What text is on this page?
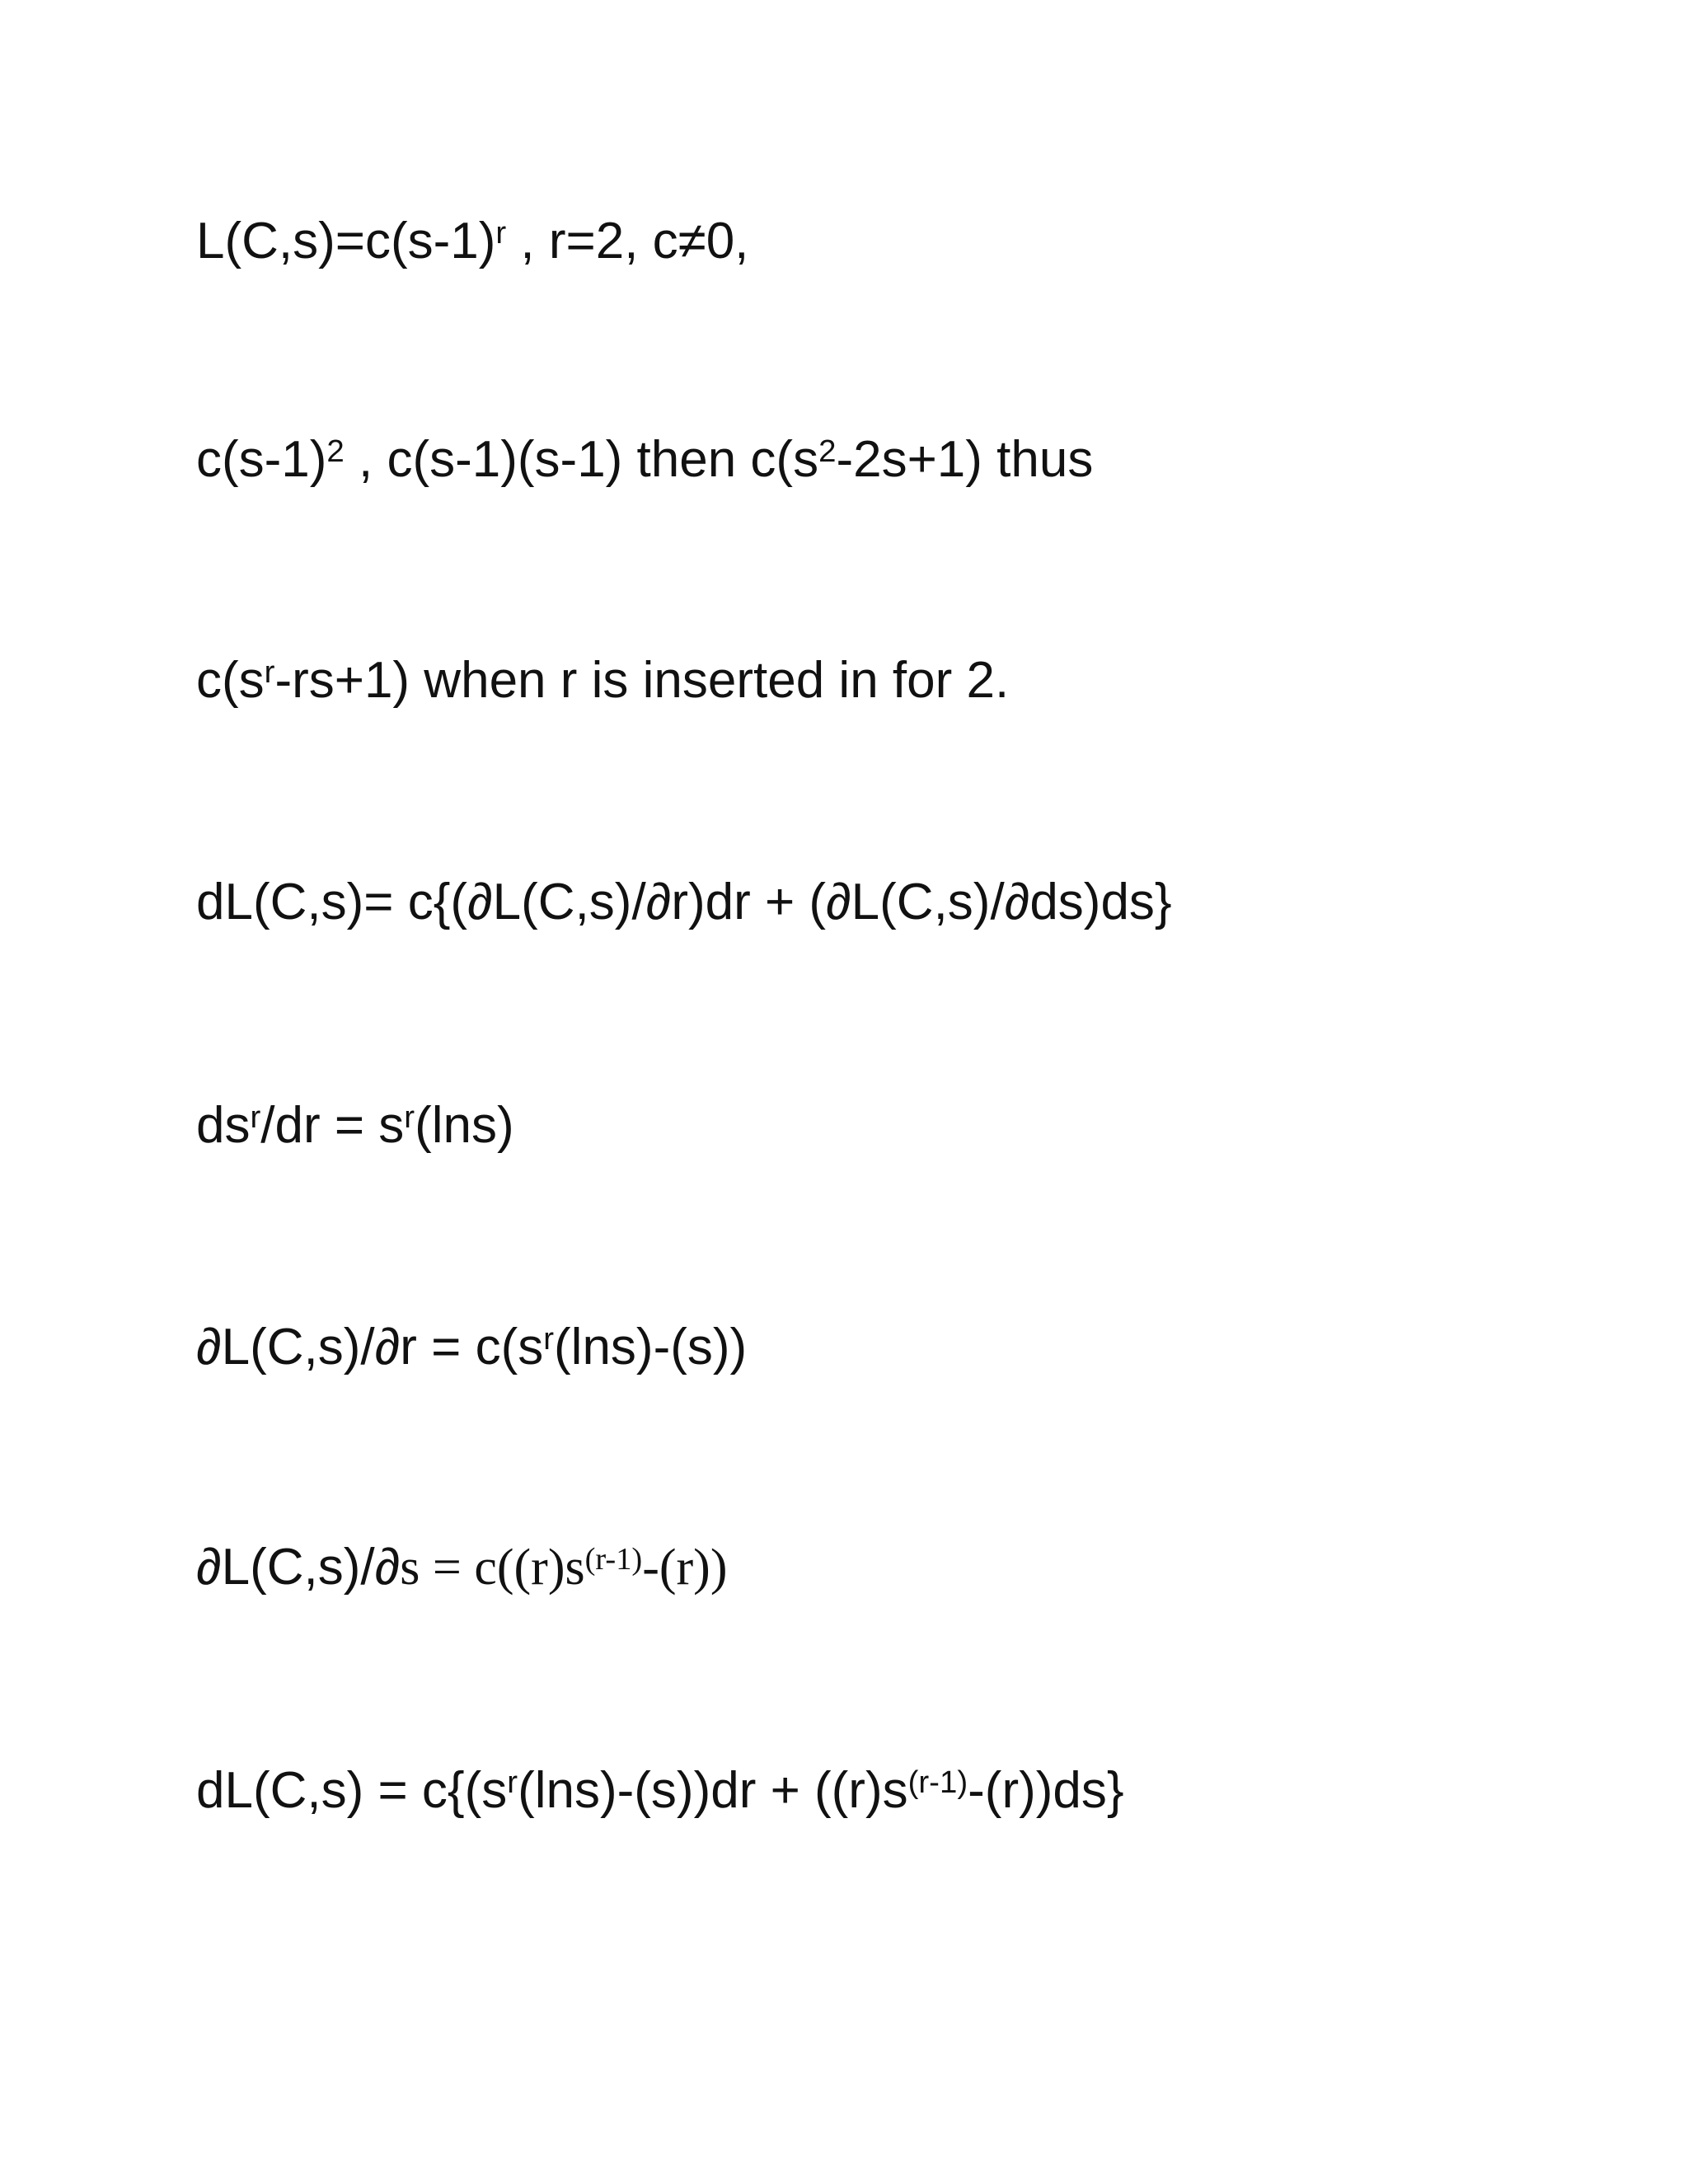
$L(C,s)=c(s-1)^r$ , r=2, c≠0,
$c(s-1)^2$ , c(s-1)(s-1) then $c(s^2-2s+1)$ thus
$c(s^r-rs+1)$ when r is inserted in for 2.
dL(C,s)= c{(∂L(C,s)/∂r)dr + (∂L(C,s)/∂ds)ds}
$ds^r/dr = s^r(\ln s)$
$\partial L(C,s)/\partial r = c(s^r(\ln s)-(s))$
$\partial L(C,s)/\partial s = c((r)s^{(r-1)}-(r))$
$dL(C,s) = c\{(s^r(\ln s)-(s))dr + ((r)s^{(r-1)}-(r))ds\}$
